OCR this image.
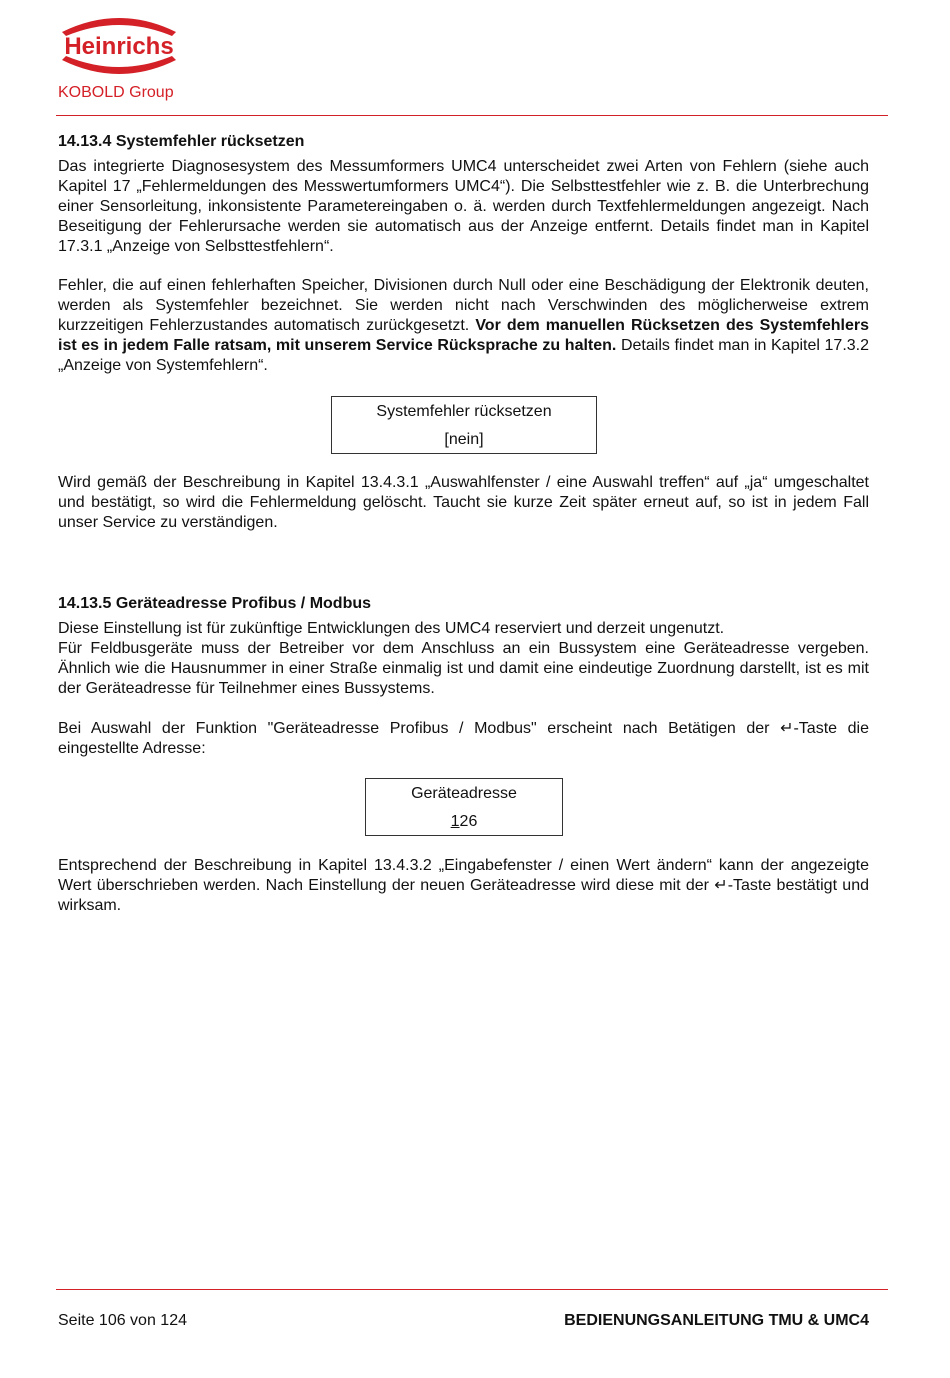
Heinrichs
KOBOLD Group
14.13.4 Systemfehler rücksetzen
Das integrierte Diagnosesystem des Messumformers UMC4 unterscheidet zwei Arten von Fehlern (siehe auch Kapitel 17 „Fehlermeldungen des Messwertumformers UMC4“). Die Selbsttestfehler wie z. B. die Unterbrechung einer Sensorleitung, inkonsistente Parametereingaben o. ä. werden durch Textfehlermeldungen angezeigt. Nach Beseitigung der Fehlerursache werden sie automatisch aus der Anzeige entfernt. Details findet man in Kapitel 17.3.1 „Anzeige von Selbsttestfehlern“.
Fehler, die auf einen fehlerhaften Speicher, Divisionen durch Null oder eine Beschädigung der Elektronik deuten, werden als Systemfehler bezeichnet. Sie werden nicht nach Verschwinden des möglicherweise extrem kurzzeitigen Fehlerzustandes automatisch zurückgesetzt. Vor dem manuellen Rücksetzen des Systemfehlers ist es in jedem Falle ratsam, mit unserem Service Rücksprache zu halten. Details findet man in Kapitel 17.3.2 „Anzeige von Systemfehlern“.
Systemfehler rücksetzen
[nein]
Wird gemäß der Beschreibung in Kapitel 13.4.3.1 „Auswahlfenster / eine Auswahl treffen“ auf „ja“ umgeschaltet und bestätigt, so wird die Fehlermeldung gelöscht. Taucht sie kurze Zeit später erneut auf, so ist in jedem Fall unser Service zu verständigen.
14.13.5 Geräteadresse Profibus / Modbus
Diese Einstellung ist für zukünftige Entwicklungen des UMC4 reserviert und derzeit ungenutzt.
Für Feldbusgeräte muss der Betreiber vor dem Anschluss an ein Bussystem eine Geräteadresse vergeben. Ähnlich wie die Hausnummer in einer Straße einmalig ist und damit eine eindeutige Zuordnung darstellt, ist es mit der Geräteadresse für Teilnehmer eines Bussystems.
Bei Auswahl der Funktion "Geräteadresse Profibus / Modbus" erscheint nach Betätigen der ↵-Taste die eingestellte Adresse:
Geräteadresse
126
Entsprechend der Beschreibung in Kapitel 13.4.3.2 „Eingabefenster / einen Wert ändern“ kann der angezeigte Wert überschrieben werden. Nach Einstellung der neuen Geräteadresse wird diese mit der ↵-Taste bestätigt und wirksam.
Seite 106 von 124	BEDIENUNGSANLEITUNG TMU & UMC4
